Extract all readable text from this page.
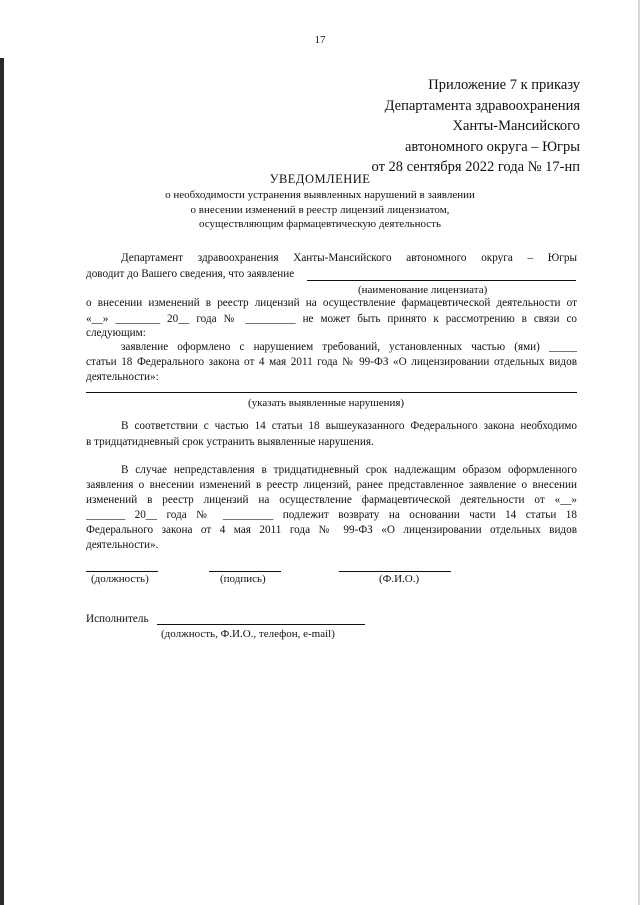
17
Приложение 7 к приказу
Департамента здравоохранения
Ханты-Мансийского
автономного округа – Югры
от 28 сентября 2022 года № 17-нп
УВЕДОМЛЕНИЕ
о необходимости устранения выявленных нарушений в заявлении
о внесении изменений в реестр лицензий лицензиатом,
осуществляющим фармацевтическую деятельность
Департамент здравоохранения Ханты-Мансийского автономного округа – Югры
доводит до Вашего сведения, что заявление
(наименование лицензиата)
о внесении изменений в реестр лицензий на осуществление фармацевтической деятельности от
«__» ________ 20__ года № _________ не может быть принято к рассмотрению в связи со
следующим:
заявление оформлено с нарушением требований, установленных частью (ями) _____
статьи 18 Федерального закона от 4 мая 2011 года № 99-ФЗ «О лицензировании отдельных видов
деятельности»:
(указать выявленные нарушения)
В соответствии с частью 14 статьи 18 вышеуказанного Федерального закона необходимо
в тридцатидневный срок устранить выявленные нарушения.
В случае непредставления в тридцатидневный срок надлежащим образом оформленного
заявления о внесении изменений в реестр лицензий, ранее представленное заявление о внесении
изменений в реестр лицензий на осуществление фармацевтической деятельности от «__»
_______ 20__ года № _________ подлежит возврату на основании части 14 статьи 18
Федерального закона от 4 мая 2011 года № 99-ФЗ «О лицензировании отдельных видов
деятельности».
(должность)	(подпись)	(Ф.И.О.)
Исполнитель
(должность, Ф.И.О., телефон, e-mail)
